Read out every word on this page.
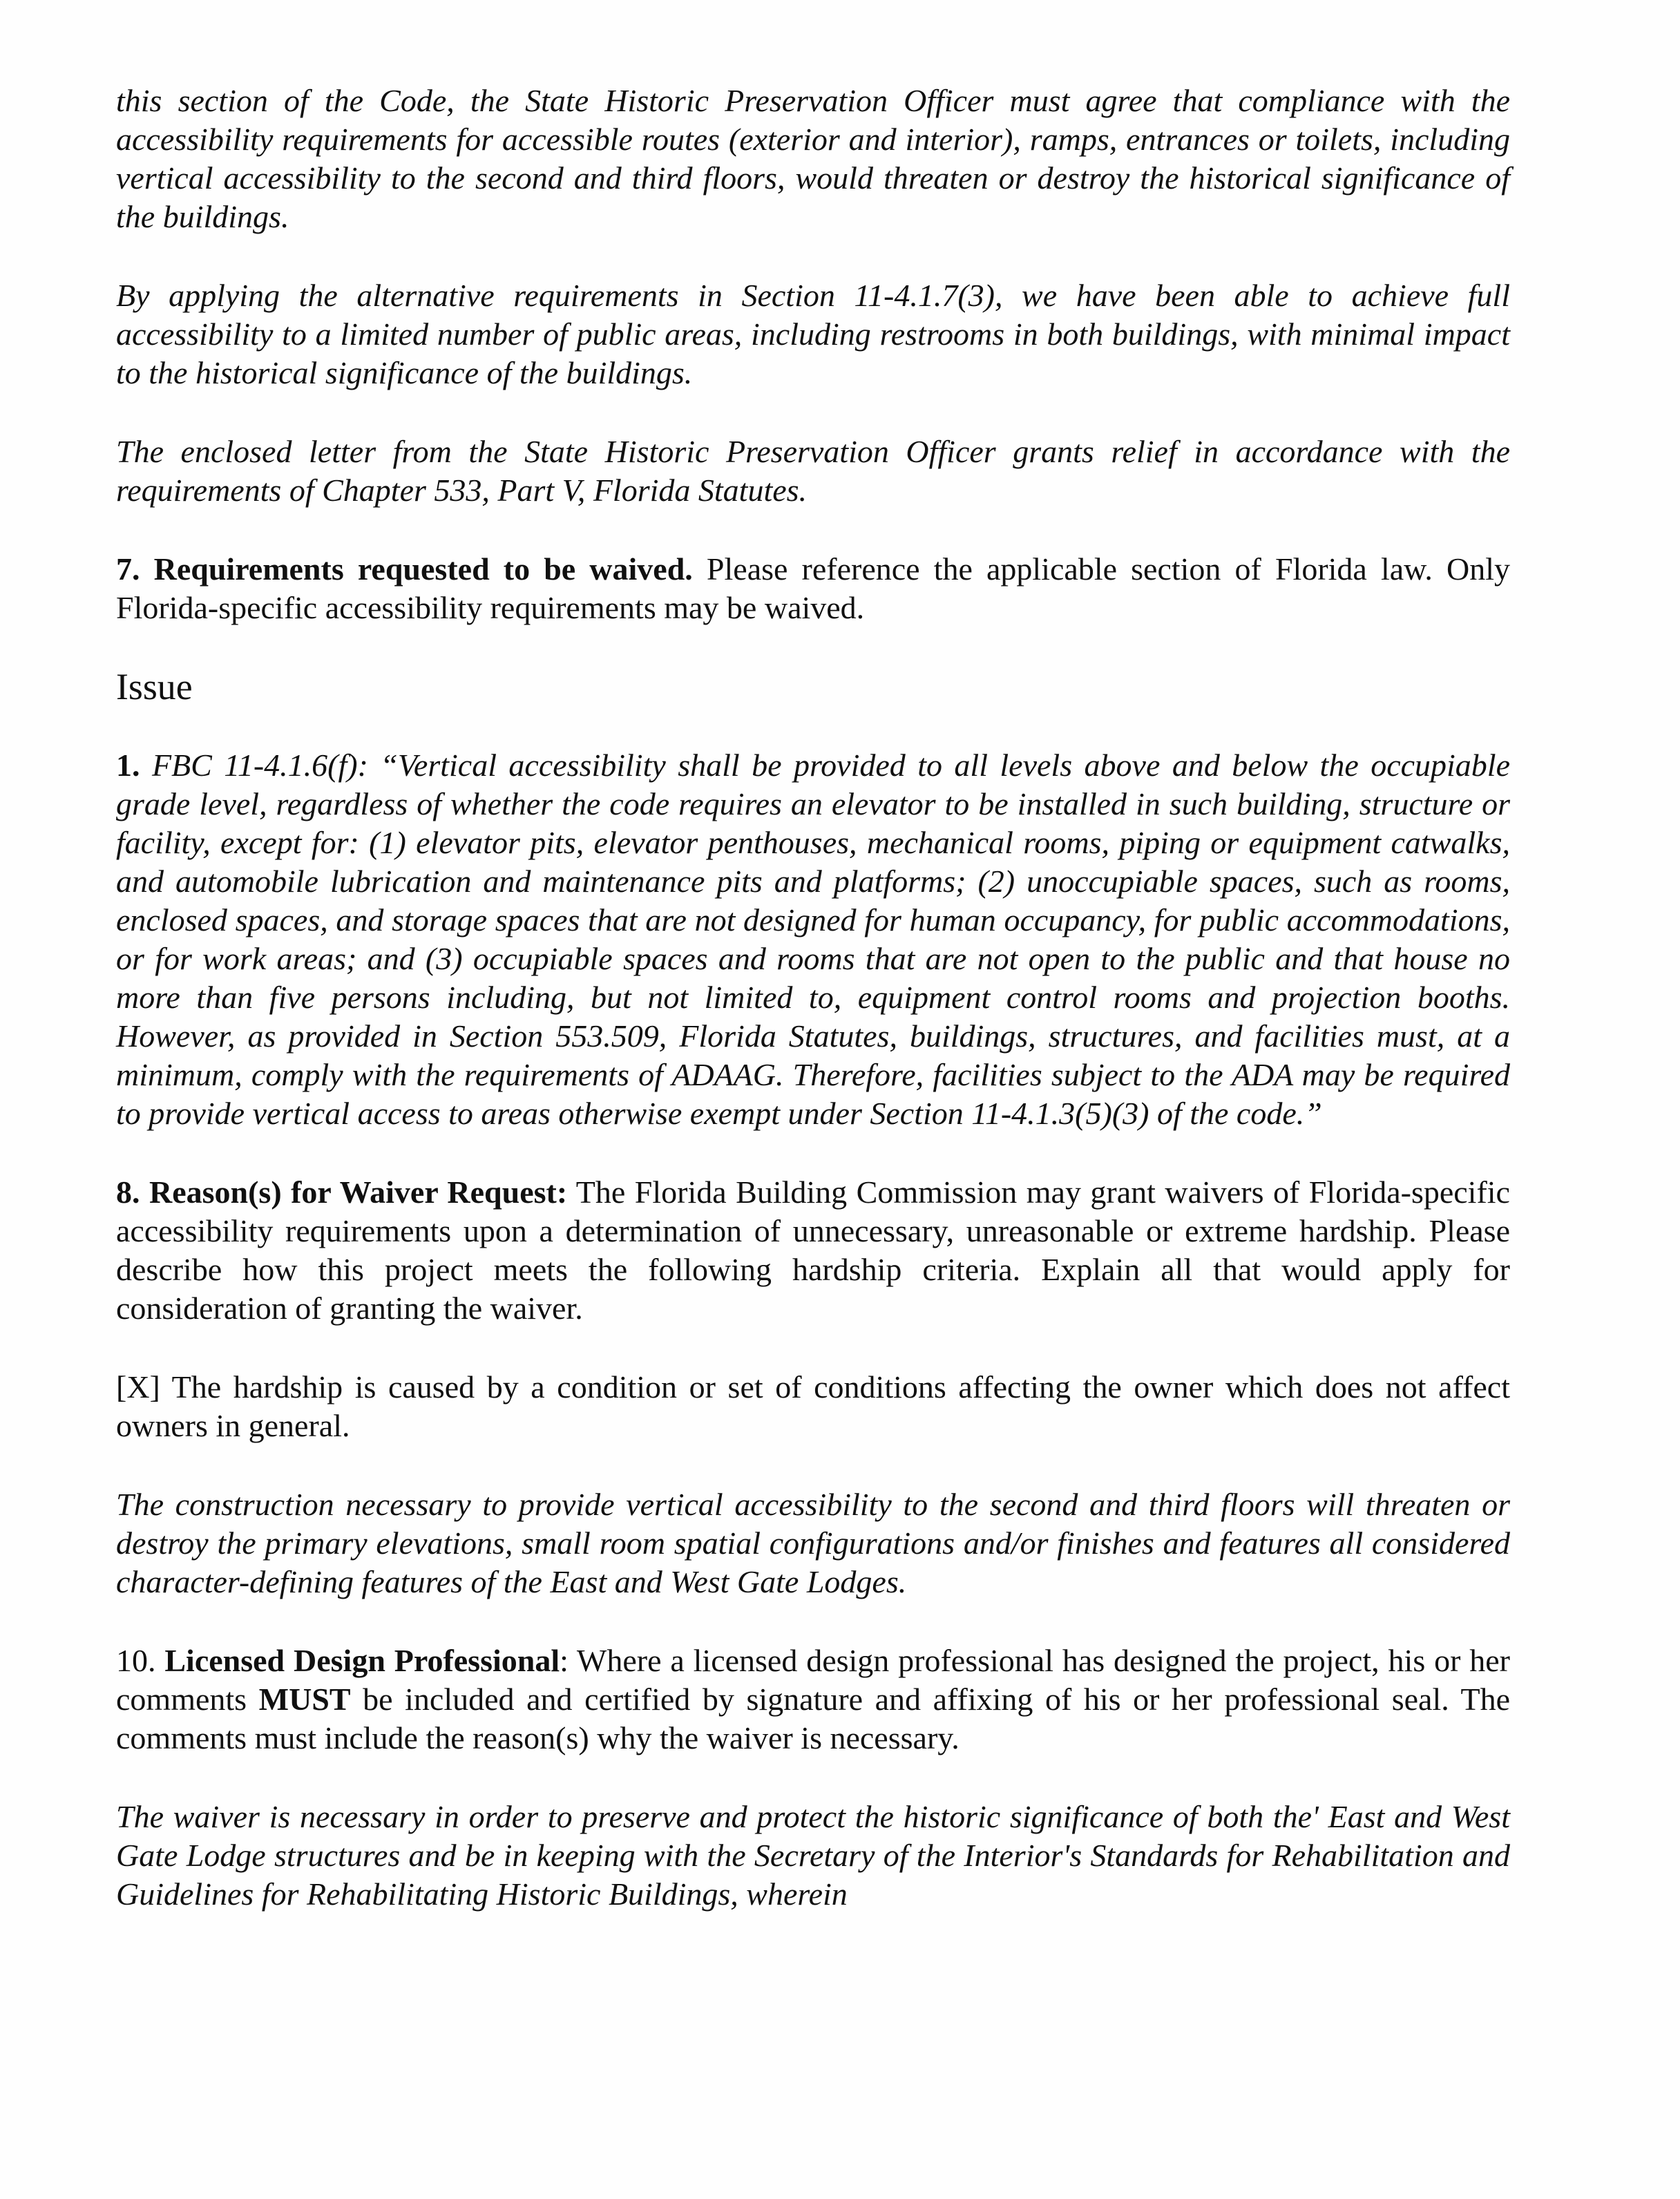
this section of the Code, the State Historic Preservation Officer must agree that compliance with the accessibility requirements for accessible routes (exterior and interior), ramps, entrances or toilets, including vertical accessibility to the second and third floors, would threaten or destroy the historical significance of the buildings.

By applying the alternative requirements in Section 11-4.1.7(3), we have been able to achieve full accessibility to a limited number of public areas, including restrooms in both buildings, with minimal impact to the historical significance of the buildings.

The enclosed letter from the State Historic Preservation Officer grants relief in accordance with the requirements of Chapter 533, Part V, Florida Statutes.

7. Requirements requested to be waived. Please reference the applicable section of Florida law. Only Florida-specific accessibility requirements may be waived.

Issue

1. FBC 11-4.1.6(f): “Vertical accessibility shall be provided to all levels above and below the occupiable grade level, regardless of whether the code requires an elevator to be installed in such building, structure or facility, except for: (1) elevator pits, elevator penthouses, mechanical rooms, piping or equipment catwalks, and automobile lubrication and maintenance pits and platforms; (2) unoccupiable spaces, such as rooms, enclosed spaces, and storage spaces that are not designed for human occupancy, for public accommodations, or for work areas; and (3) occupiable spaces and rooms that are not open to the public and that house no more than five persons including, but not limited to, equipment control rooms and projection booths. However, as provided in Section 553.509, Florida Statutes, buildings, structures, and facilities must, at a minimum, comply with the requirements of ADAAG. Therefore, facilities subject to the ADA may be required to provide vertical access to areas otherwise exempt under Section 11-4.1.3(5)(3) of the code.”

8. Reason(s) for Waiver Request: The Florida Building Commission may grant waivers of Florida-specific accessibility requirements upon a determination of unnecessary, unreasonable or extreme hardship. Please describe how this project meets the following hardship criteria. Explain all that would apply for consideration of granting the waiver.

[X] The hardship is caused by a condition or set of conditions affecting the owner which does not affect owners in general.

The construction necessary to provide vertical accessibility to the second and third floors will threaten or destroy the primary elevations, small room spatial configurations and/or finishes and features all considered character-defining features of the East and West Gate Lodges.

10. Licensed Design Professional: Where a licensed design professional has designed the project, his or her comments MUST be included and certified by signature and affixing of his or her professional seal. The comments must include the reason(s) why the waiver is necessary.

The waiver is necessary in order to preserve and protect the historic significance of both the' East and West Gate Lodge structures and be in keeping with the Secretary of the Interior's Standards for Rehabilitation and Guidelines for Rehabilitating Historic Buildings, wherein
